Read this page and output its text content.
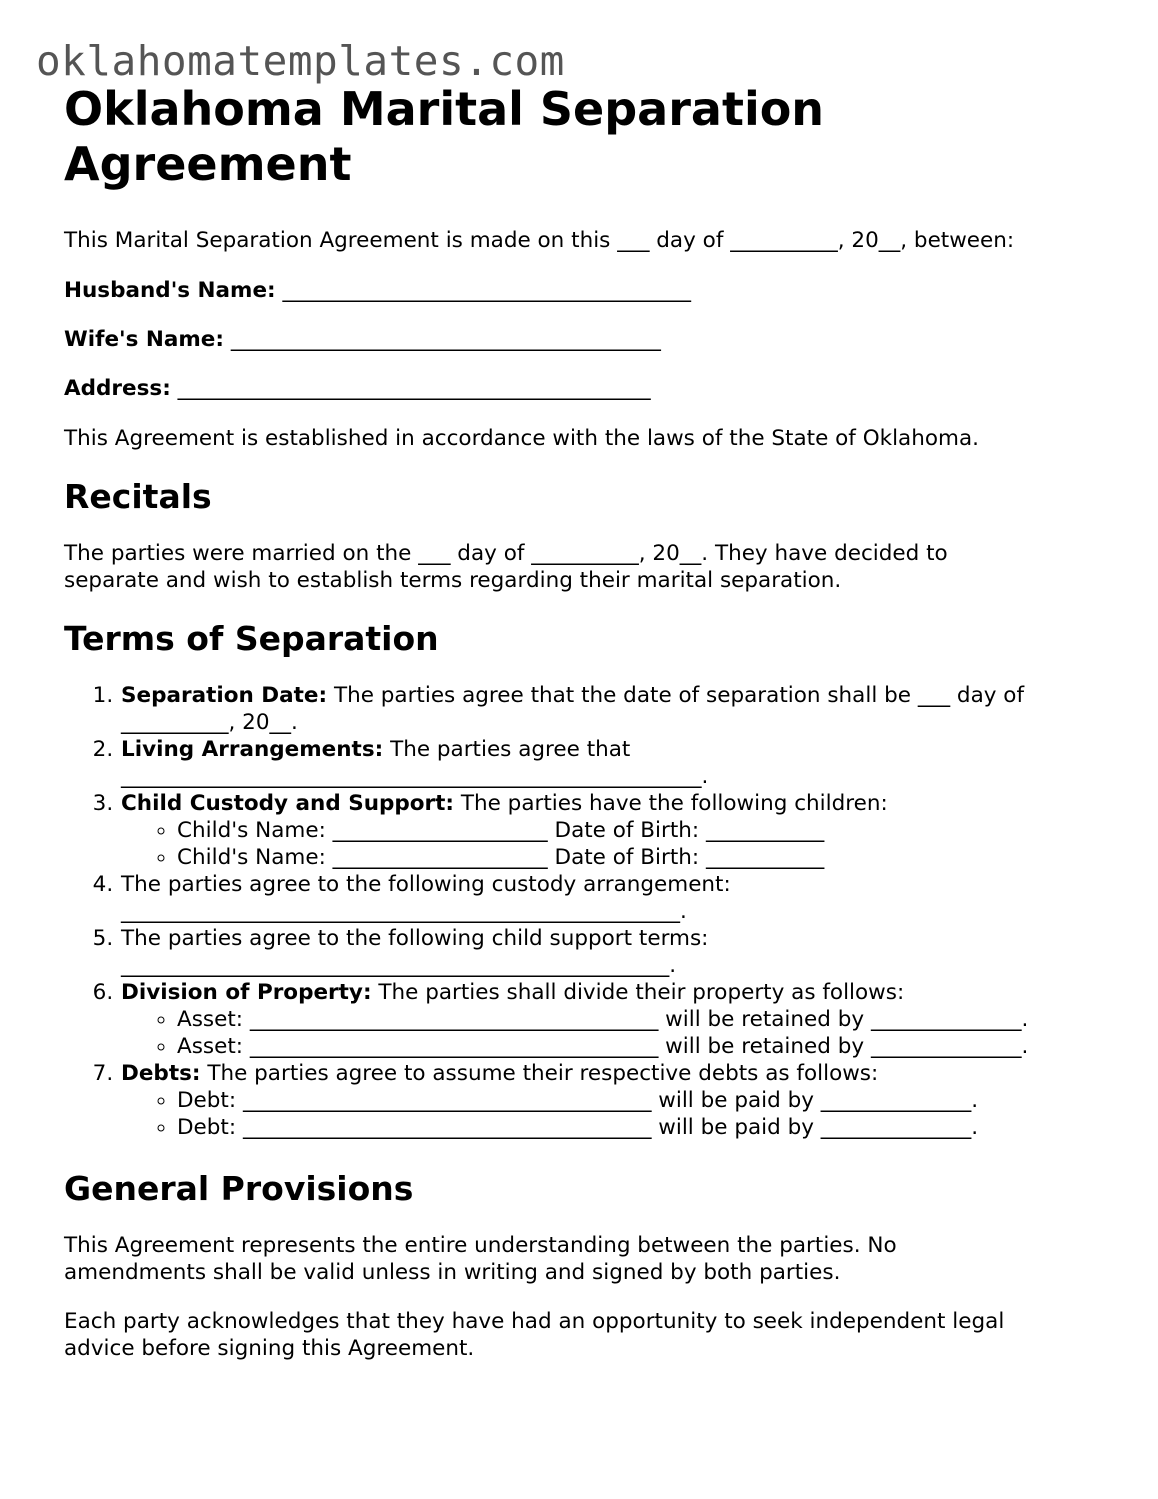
oklahomatemplates.com
Oklahoma Marital Separation Agreement

This Marital Separation Agreement is made on this ___ day of __________, 20__, between:

Husband's Name: ______________________________________

Wife's Name: ________________________________________

Address: ____________________________________________

This Agreement is established in accordance with the laws of the State of Oklahoma.

Recitals

The parties were married on the ___ day of __________, 20__. They have decided to separate and wish to establish terms regarding their marital separation.

Terms of Separation
1. Separation Date: The parties agree that the date of separation shall be ___ day of __________, 20__.
2. Living Arrangements: The parties agree that ______________________________________________________.
3. Child Custody and Support: The parties have the following children:
◦ Child's Name: ____________________ Date of Birth: ___________
◦ Child's Name: ____________________ Date of Birth: ___________
4. The parties agree to the following custody arrangement: ____________________________________________________.
5. The parties agree to the following child support terms: ___________________________________________________.
6. Division of Property: The parties shall divide their property as follows:
◦ Asset: ______________________________________ will be retained by ______________.
◦ Asset: ______________________________________ will be retained by ______________.
7. Debts: The parties agree to assume their respective debts as follows:
◦ Debt: ______________________________________ will be paid by ______________.
◦ Debt: ______________________________________ will be paid by ______________.
General Provisions

This Agreement represents the entire understanding between the parties. No amendments shall be valid unless in writing and signed by both parties.

Each party acknowledges that they have had an opportunity to seek independent legal advice before signing this Agreement.
